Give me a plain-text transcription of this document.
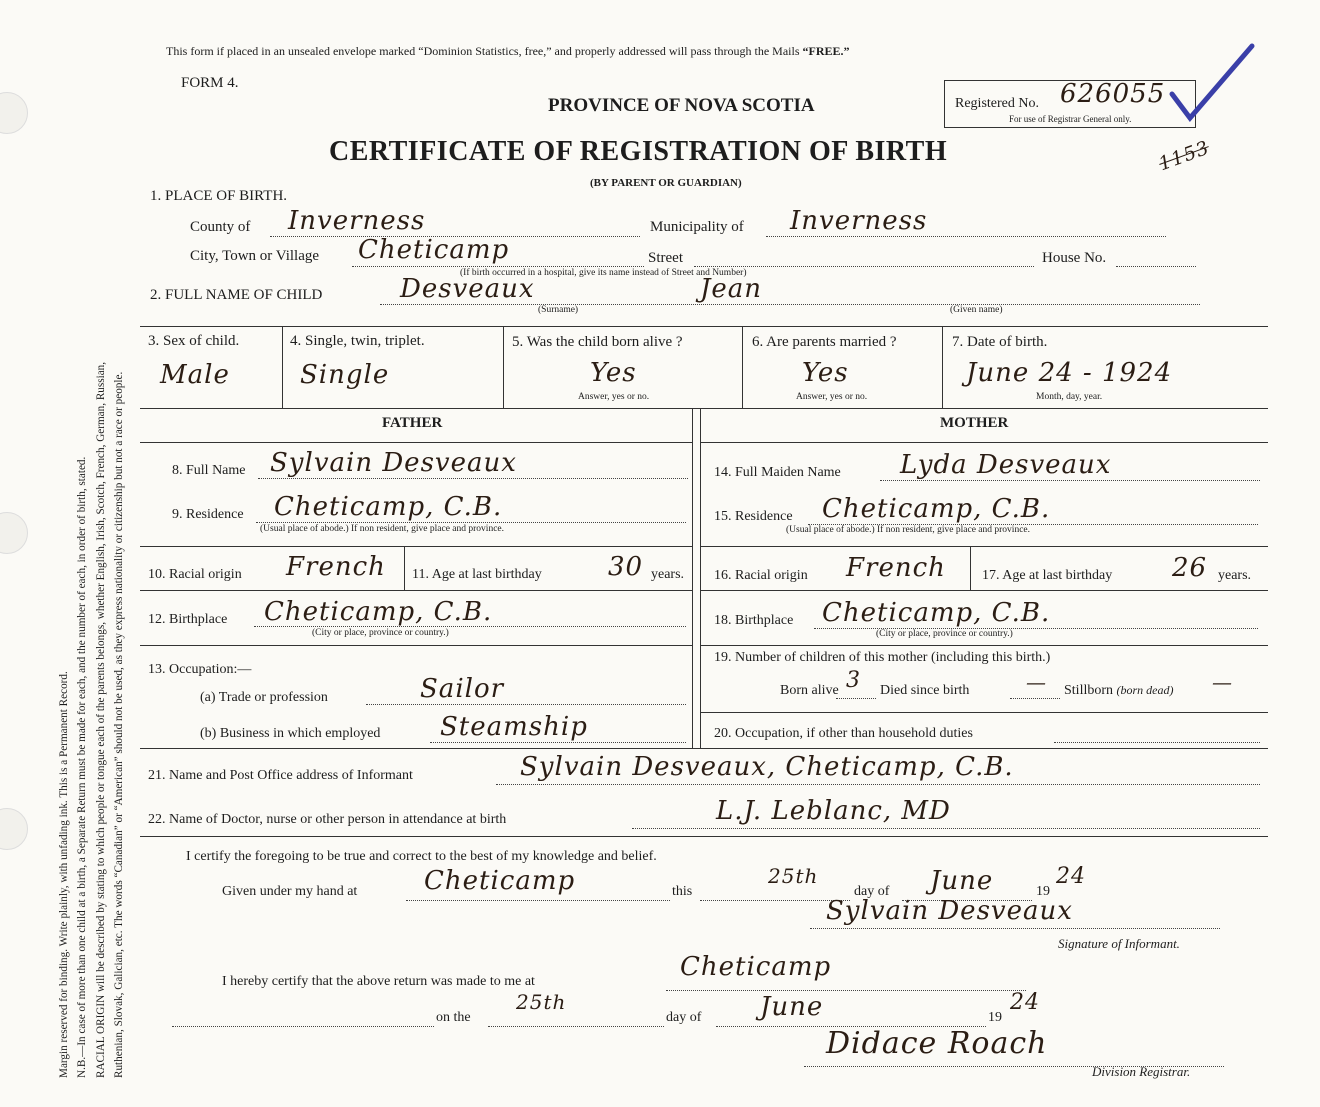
Margin reserved for binding. Write plainly, with unfading ink. This is a Permanent Record. N.B.—In case of more than one child at a birth, a Separate Return must be made for each, and the number of each, in order of birth, stated. RACIAL ORIGIN will be described by stating to which people or tongue each of the parents belongs, whether English, Irish, Scotch, French, German, Russian, Ruthenian, Slovak, Galician, etc. The words “Canadian” or “American” should not be used, as they express nationality or citizenship but not a race or people.
This form if placed in an unsealed envelope marked “Dominion Statistics, free,” and properly addressed will pass through the Mails “FREE.”
FORM 4.
PROVINCE OF NOVA SCOTIA
CERTIFICATE OF REGISTRATION OF BIRTH
(BY PARENT OR GUARDIAN)
Registered No. 626055
For use of Registrar General only.
1153
1. PLACE OF BIRTH.
County of Inverness	Municipality of Inverness
City, Town or Village Cheticamp	Street	House No.
(If birth occurred in a hospital, give its name instead of Street and Number)
2. FULL NAME OF CHILD	Desveaux	Jean
(Surname)	(Given name)
3. Sex of child.
Male
4. Single, twin, triplet.
Single
5. Was the child born alive ?
Yes
Answer, yes or no.
6. Are parents married ?
Yes
Answer, yes or no.
7. Date of birth.
June 24 - 1924
Month, day, year.
FATHER	MOTHER
8. Full Name Sylvain Desveaux
9. Residence Cheticamp, C.B.
(Usual place of abode.) If non resident, give place and province.
10. Racial origin French 11. Age at last birthday	30 years.
12. Birthplace Cheticamp, C.B.
(City or place, province or country.)
13. Occupation:—
(a) Trade or profession	Sailor
(b) Business in which employed Steamship
14. Full Maiden Name Lyda Desveaux
15. Residence Cheticamp, C.B.
(Usual place of abode.) If non resident, give place and province.
16. Racial origin French	17. Age at last birthday 26 years.
18. Birthplace Cheticamp, C.B.
(City or place, province or country.)
19. Number of children of this mother (including this birth.)
Born alive 3 Died since birth	— Stillborn (born dead) —
20. Occupation, if other than household duties
21. Name and Post Office address of Informant	Sylvain Desveaux, Cheticamp, C.B.
22. Name of Doctor, nurse or other person in attendance at birth	L.J. Leblanc, MD
I certify the foregoing to be true and correct to the best of my knowledge and belief.
Given under my hand at	Cheticamp	this
25th
day of June	19
24
Sylvain Desveaux
Signature of Informant.
I hereby certify that the above return was made to me at	Cheticamp
on the
25th
day of June	19
24
Didace Roach
Division Registrar.
